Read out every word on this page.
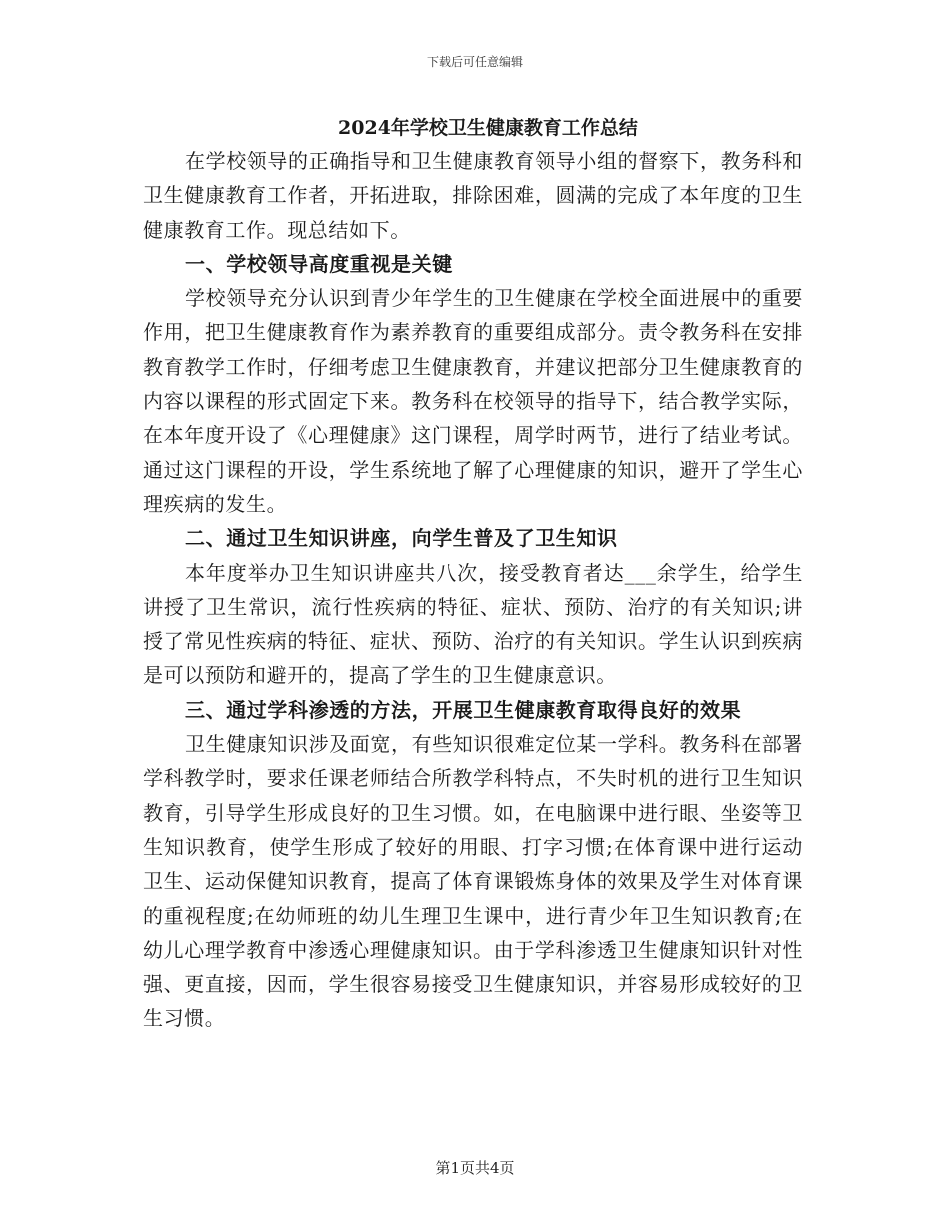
下载后可任意编辑
2024年学校卫生健康教育工作总结

在学校领导的正确指导和卫生健康教育领导小组的督察下，教务科和卫生健康教育工作者，开拓进取，排除困难，圆满的完成了本年度的卫生健康教育工作。现总结如下。

一、学校领导高度重视是关键

学校领导充分认识到青少年学生的卫生健康在学校全面进展中的重要作用，把卫生健康教育作为素养教育的重要组成部分。责令教务科在安排教育教学工作时，仔细考虑卫生健康教育，并建议把部分卫生健康教育的内容以课程的形式固定下来。教务科在校领导的指导下，结合教学实际，在本年度开设了《心理健康》这门课程，周学时两节，进行了结业考试。通过这门课程的开设，学生系统地了解了心理健康的知识，避开了学生心理疾病的发生。

二、通过卫生知识讲座，向学生普及了卫生知识

本年度举办卫生知识讲座共八次，接受教育者达___余学生，给学生讲授了卫生常识，流行性疾病的特征、症状、预防、治疗的有关知识;讲授了常见性疾病的特征、症状、预防、治疗的有关知识。学生认识到疾病是可以预防和避开的，提高了学生的卫生健康意识。

三、通过学科渗透的方法，开展卫生健康教育取得良好的效果

卫生健康知识涉及面宽，有些知识很难定位某一学科。教务科在部署学科教学时，要求任课老师结合所教学科特点，不失时机的进行卫生知识教育，引导学生形成良好的卫生习惯。如，在电脑课中进行眼、坐姿等卫生知识教育，使学生形成了较好的用眼、打字习惯;在体育课中进行运动卫生、运动保健知识教育，提高了体育课锻炼身体的效果及学生对体育课的重视程度;在幼师班的幼儿生理卫生课中，进行青少年卫生知识教育;在幼儿心理学教育中渗透心理健康知识。由于学科渗透卫生健康知识针对性强、更直接，因而，学生很容易接受卫生健康知识，并容易形成较好的卫生习惯。

第1页共4页
